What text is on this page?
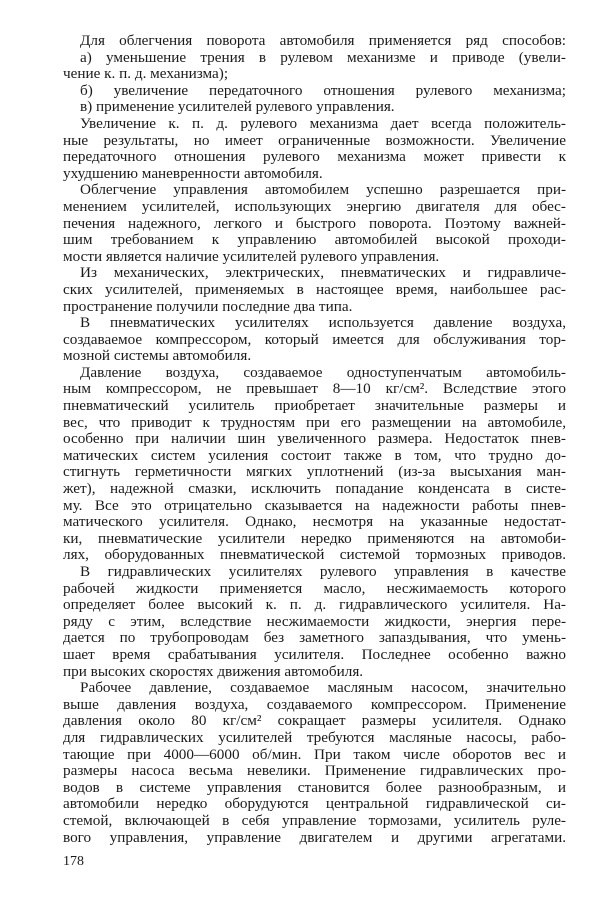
Для облегчения поворота автомобиля применяется ряд способов:
а) уменьшение трения в рулевом механизме и приводе (увели-
чение к. п. д. механизма);
б) увеличение передаточного отношения рулевого механизма;
в) применение усилителей рулевого управления.
Увеличение к. п. д. рулевого механизма дает всегда положитель-
ные результаты, но имеет ограниченные возможности. Увеличение
передаточного отношения рулевого механизма может привести к
ухудшению маневренности автомобиля.
Облегчение управления автомобилем успешно разрешается при-
менением усилителей, использующих энергию двигателя для обес-
печения надежного, легкого и быстрого поворота. Поэтому важней-
шим требованием к управлению автомобилей высокой проходи-
мости является наличие усилителей рулевого управления.
Из механических, электрических, пневматических и гидравличе-
ских усилителей, применяемых в настоящее время, наибольшее рас-
пространение получили последние два типа.
В пневматических усилителях используется давление воздуха,
создаваемое компрессором, который имеется для обслуживания тор-
мозной системы автомобиля.
Давление воздуха, создаваемое одноступенчатым автомобиль-
ным компрессором, не превышает 8—10 кг/см². Вследствие этого
пневматический усилитель приобретает значительные размеры и
вес, что приводит к трудностям при его размещении на автомобиле,
особенно при наличии шин увеличенного размера. Недостаток пнев-
матических систем усиления состоит также в том, что трудно до-
стигнуть герметичности мягких уплотнений (из-за высыхания ман-
жет), надежной смазки, исключить попадание конденсата в систе-
му. Все это отрицательно сказывается на надежности работы пнев-
матического усилителя. Однако, несмотря на указанные недостат-
ки, пневматические усилители нередко применяются на автомоби-
лях, оборудованных пневматической системой тормозных приводов.
В гидравлических усилителях рулевого управления в качестве
рабочей жидкости применяется масло, несжимаемость которого
определяет более высокий к. п. д. гидравлического усилителя. На-
ряду с этим, вследствие несжимаемости жидкости, энергия пере-
дается по трубопроводам без заметного запаздывания, что умень-
шает время срабатывания усилителя. Последнее особенно важно
при высоких скоростях движения автомобиля.
Рабочее давление, создаваемое масляным насосом, значительно
выше давления воздуха, создаваемого компрессором. Применение
давления около 80 кг/см² сокращает размеры усилителя. Однако
для гидравлических усилителей требуются масляные насосы, рабо-
тающие при 4000—6000 об/мин. При таком числе оборотов вес и
размеры насоса весьма невелики. Применение гидравлических про-
водов в системе управления становится более разнообразным, и
автомобили нередко оборудуются центральной гидравлической си-
стемой, включающей в себя управление тормозами, усилитель руле-
вого управления, управление двигателем и другими агрегатами.
178
